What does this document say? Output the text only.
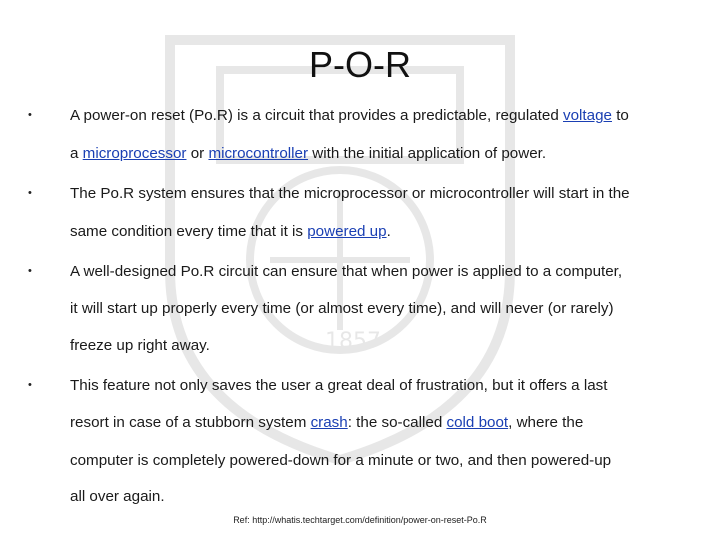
1857
P-O-R
•	A power-on reset (Po.R) is a circuit that provides a predictable, regulated voltage to
a microprocessor or microcontroller with the initial application of power.
•	The Po.R system ensures that the microprocessor or microcontroller will start in the
same condition every time that it is powered up.
•	A well-designed Po.R circuit can ensure that when power is applied to a computer,
it will start up properly every time (or almost every time), and will never (or rarely)
freeze up right away.
•	This feature not only saves the user a great deal of frustration, but it offers a last
resort in case of a stubborn system crash: the so-called cold boot, where the
computer is completely powered-down for a minute or two, and then powered-up
all over again.
Ref: http://whatis.techtarget.com/definition/power-on-reset-Po.R
